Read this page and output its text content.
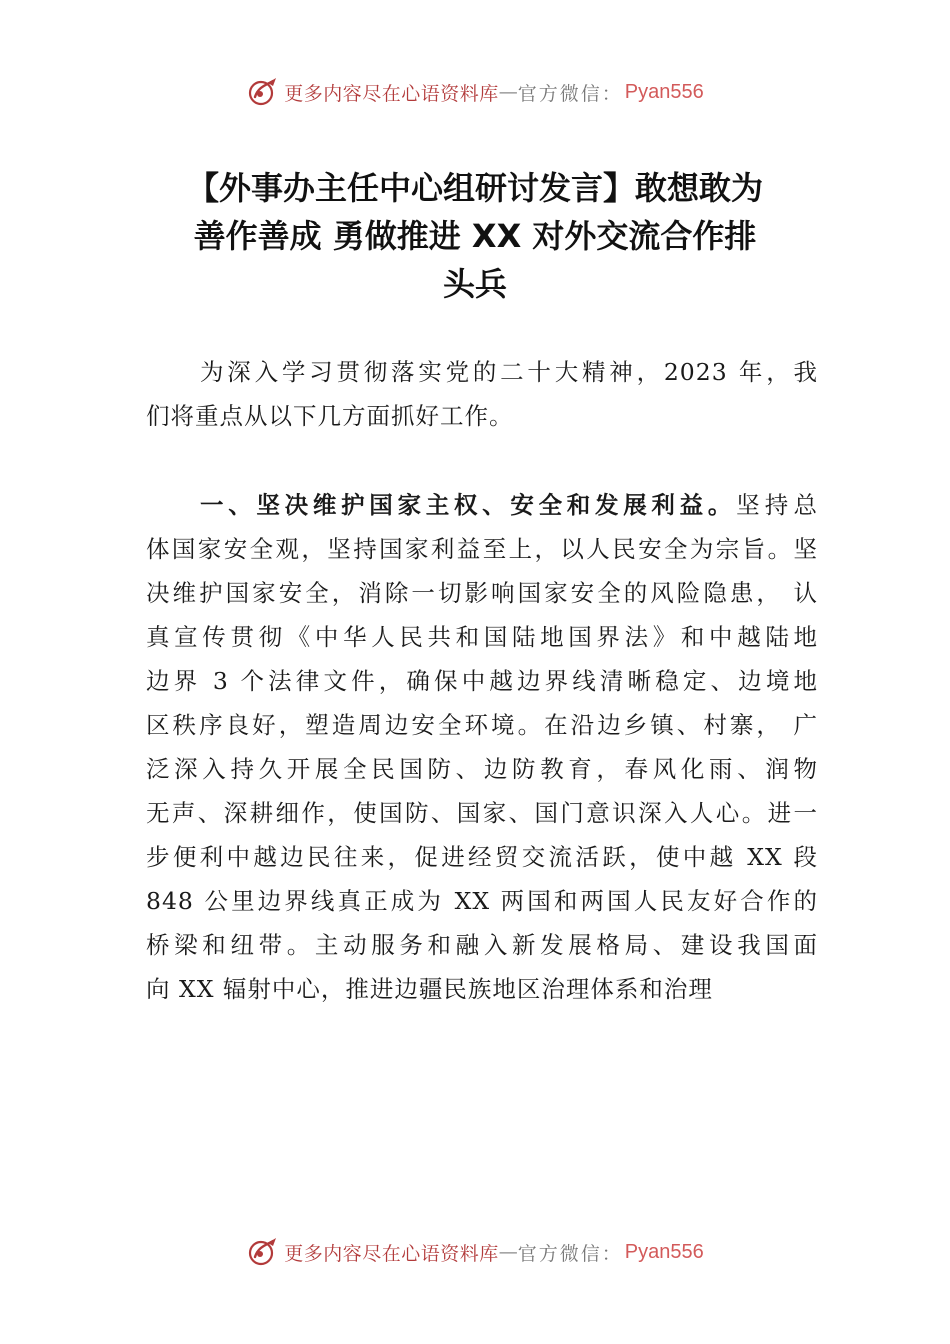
更多内容尽在心语资料库 — 官方微信： Pyan556
【外事办主任中心组研讨发言】敢想敢为
善作善成 勇做推进 XX 对外交流合作排
头兵
为深入学习贯彻落实党的二十大精神，2023 年，我
们将重点从以下几方面抓好工作。
一、坚决维护国家主权、安全和发展利益。坚持总
体国家安全观，坚持国家利益至上，以人民安全为宗旨。坚
决维护国家安全，消除一切影响国家安全的风险隐患， 认
真宣传贯彻《中华人民共和国陆地国界法》和中越陆地
边界 3 个法律文件，确保中越边界线清晰稳定、边境地
区秩序良好，塑造周边安全环境。在沿边乡镇、村寨， 广
泛深入持久开展全民国防、边防教育，春风化雨、润物
无声、深耕细作，使国防、国家、国门意识深入人心。进一
步便利中越边民往来，促进经贸交流活跃，使中越 XX 段
848 公里边界线真正成为 XX 两国和两国人民友好合作的
桥梁和纽带。主动服务和融入新发展格局、建设我国面
向 XX 辐射中心，推进边疆民族地区治理体系和治理
更多内容尽在心语资料库 — 官方微信： Pyan556
